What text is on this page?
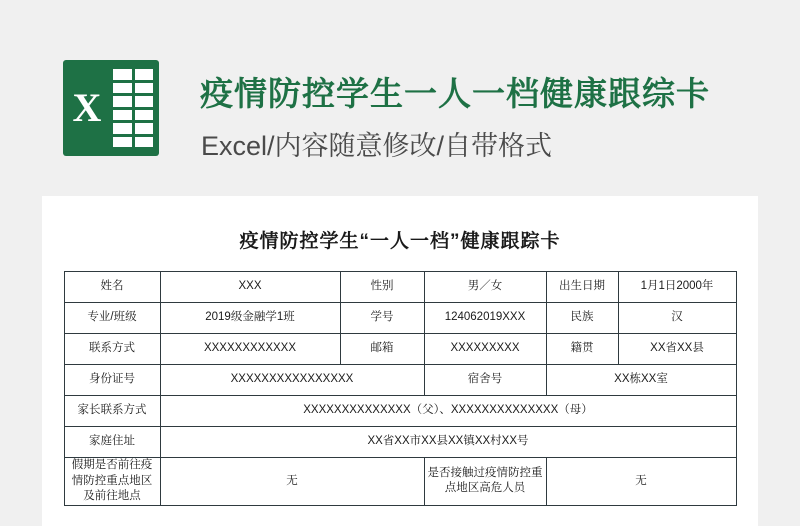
X	疫情防控学生一人一档健康跟综卡
Excel/内容随意修改/自带格式
疫情防控学生“一人一档”健康跟踪卡
姓名	XXX	性别	男／女	出生日期	1月1日2000年
专业/班级	2019级金融学1班	学号	124062019XXX	民族	汉
联系方式	XXXXXXXXXXXX	邮箱	XXXXXXXXX	籍贯	XX省XX县
身份证号	XXXXXXXXXXXXXXXX		宿舍号	XX栋XX室	
家长联系方式	XXXXXXXXXXXXXX（父）、XXXXXXXXXXXXXX（母）				
家庭住址	XX省XX市XX县XX镇XX村XX号				
假期是否前往疫情防控重点地区及前往地点	无		是否接触过疫情防控重点地区高危人员	无	
